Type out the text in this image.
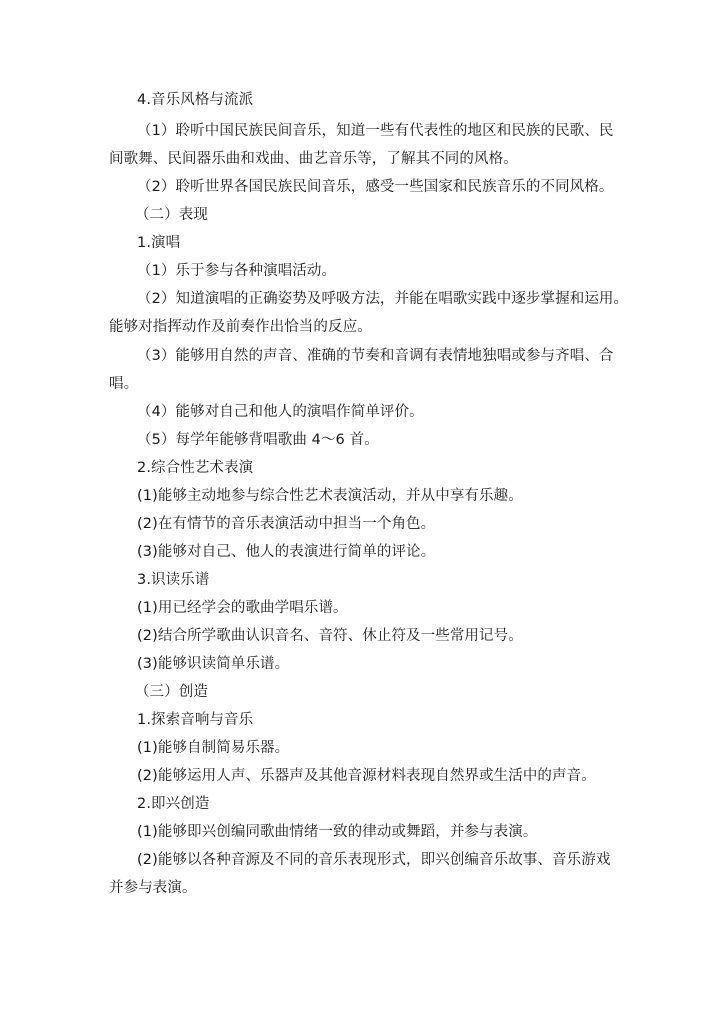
4.音乐风格与流派
（1）聆听中国民族民间音乐，知道一些有代表性的地区和民族的民歌、民
间歌舞、民间器乐曲和戏曲、曲艺音乐等，了解其不同的风格。
（2）聆听世界各国民族民间音乐，感受一些国家和民族音乐的不同风格。
（二）表现
1.演唱
（1）乐于参与各种演唱活动。
（2）知道演唱的正确姿势及呼吸方法，并能在唱歌实践中逐步掌握和运用。
能够对指挥动作及前奏作出恰当的反应。
（3）能够用自然的声音、准确的节奏和音调有表情地独唱或参与齐唱、合
唱。
（4）能够对自己和他人的演唱作简单评价。
（5）每学年能够背唱歌曲 4～6 首。
2.综合性艺术表演
(1)能够主动地参与综合性艺术表演活动，并从中享有乐趣。
(2)在有情节的音乐表演活动中担当一个角色。
(3)能够对自己、他人的表演进行简单的评论。
3.识读乐谱
(1)用已经学会的歌曲学唱乐谱。
(2)结合所学歌曲认识音名、音符、休止符及一些常用记号。
(3)能够识读简单乐谱。
（三）创造
1.探索音响与音乐
(1)能够自制简易乐器。
(2)能够运用人声、乐器声及其他音源材料表现自然界或生活中的声音。
2.即兴创造
(1)能够即兴创编同歌曲情绪一致的律动或舞蹈，并参与表演。
(2)能够以各种音源及不同的音乐表现形式，即兴创编音乐故事、音乐游戏
并参与表演。
